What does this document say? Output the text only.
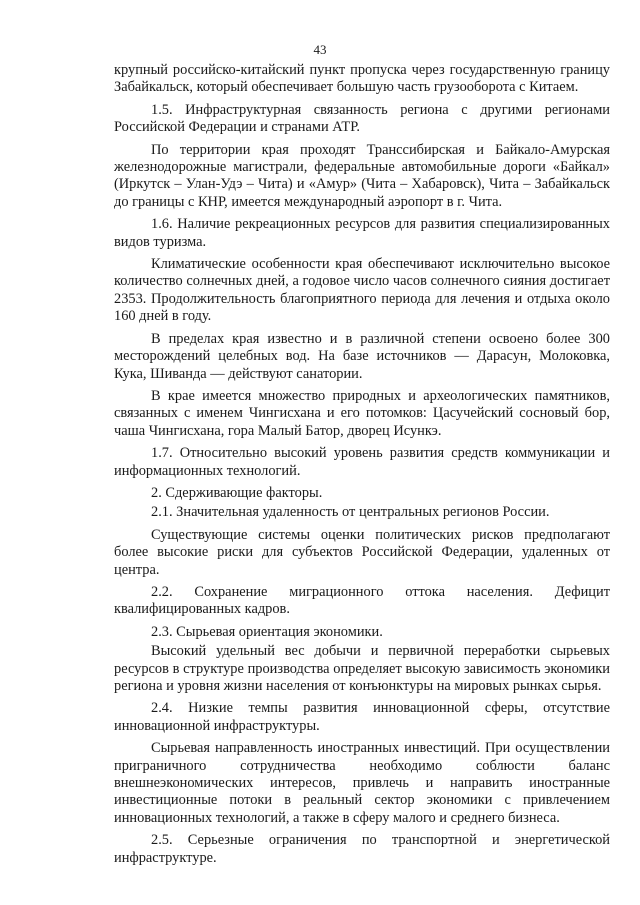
43

крупный российско-китайский пункт пропуска через государственную границу Забайкальск, который обеспечивает большую часть грузооборота с Китаем.

1.5. Инфраструктурная связанность региона с другими регионами Российской Федерации и странами АТР.

По территории края проходят Транссибирская и Байкало-Амурская железнодорожные магистрали, федеральные автомобильные дороги «Байкал» (Иркутск – Улан-Удэ – Чита) и «Амур» (Чита – Хабаровск), Чита – Забайкальск до границы с КНР, имеется международный аэропорт в г. Чита.

1.6. Наличие рекреационных ресурсов для развития специализированных видов туризма.

Климатические особенности края обеспечивают исключительно высокое количество солнечных дней, а годовое число часов солнечного сияния достигает 2353. Продолжительность благоприятного периода для лечения и отдыха около 160 дней в году.

В пределах края известно и в различной степени освоено более 300 месторождений целебных вод. На базе источников — Дарасун, Молоковка, Кука, Шиванда — действуют санатории.

В крае имеется множество природных и археологических памятников, связанных с именем Чингисхана и его потомков: Цасучейский сосновый бор, чаша Чингисхана, гора Малый Батор, дворец Исункэ.

1.7. Относительно высокий уровень развития средств коммуникации и информационных технологий.

2. Сдерживающие факторы.

2.1. Значительная удаленность от центральных регионов России.

Существующие системы оценки политических рисков предполагают более высокие риски для субъектов Российской Федерации, удаленных от центра.

2.2. Сохранение миграционного оттока населения. Дефицит квалифицированных кадров.

2.3. Сырьевая ориентация экономики.

Высокий удельный вес добычи и первичной переработки сырьевых ресурсов в структуре производства определяет высокую зависимость экономики региона и уровня жизни населения от конъюнктуры на мировых рынках сырья.

2.4. Низкие темпы развития инновационной сферы, отсутствие инновационной инфраструктуры.

Сырьевая направленность иностранных инвестиций. При осуществлении приграничного сотрудничества необходимо соблюсти баланс внешнеэкономических интересов, привлечь и направить иностранные инвестиционные потоки в реальный сектор экономики с привлечением инновационных технологий, а также в сферу малого и среднего бизнеса.

2.5. Серьезные ограничения по транспортной и энергетической инфраструктуре.
